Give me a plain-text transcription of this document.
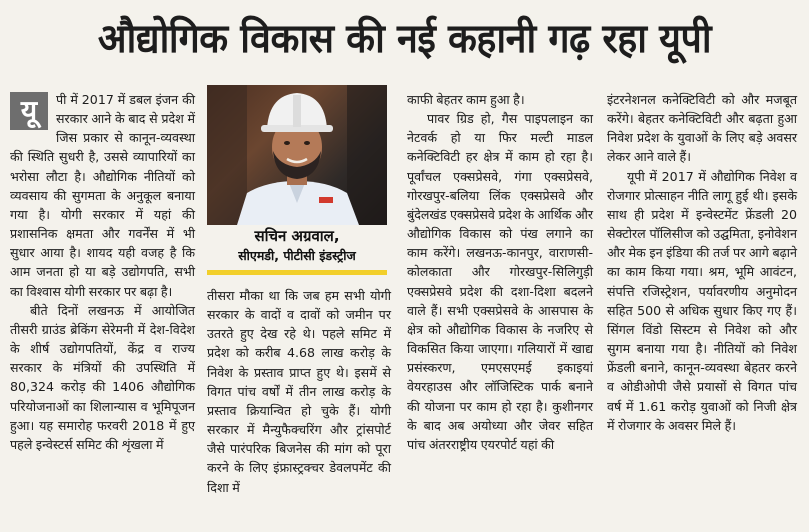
औद्योगिक विकास की नई कहानी गढ़ रहा यूपी

यू	पी में 2017 में डबल इंजन की सरकार आने के बाद से प्रदेश में जिस प्रकार से कानून-व्यवस्था की स्थिति सुधरी है, उससे व्यापारियों का भरोसा लौटा है। औद्योगिक नीतियों को व्यवसाय की सुगमता के अनुकूल बनाया गया है। योगी सरकार में यहां की प्रशासनिक क्षमता और गवर्नेंस में भी सुधार आया है। शायद यही वजह है कि आम जनता हो या बड़े उद्योगपति, सभी का विश्वास योगी सरकार पर बढ़ा है।

बीते दिनों लखनऊ में आयोजित तीसरी ग्राउंड ब्रेकिंग सेरेमनी में देश-विदेश के शीर्ष उद्योगपतियों, केंद्र व राज्य सरकार के मंत्रियों की उपस्थिति में 80,324 करोड़ की 1406 औद्योगिक परियोजनाओं का शिलान्यास व भूमिपूजन हुआ। यह समारोह फरवरी 2018 में हुए पहले इन्वेस्टर्स समिट की शृंखला में

सचिन अग्रवाल,
सीएमडी, पीटीसी इंडस्ट्रीज

तीसरा मौका था कि जब हम सभी योगी सरकार के वादों व दावों को जमीन पर उतरते हुए देख रहे थे। पहले समिट में प्रदेश को करीब 4.68 लाख करोड़ के निवेश के प्रस्ताव प्राप्त हुए थे। इसमें से विगत पांच वर्षों में तीन लाख करोड़ के प्रस्ताव क्रियान्वित हो चुके हैं। योगी सरकार में मैन्युफैक्चरिंग और ट्रांसपोर्ट जैसे पारंपरिक बिजनेस की मांग को पूरा करने के लिए इंफ्रास्ट्रक्चर डेवलपमेंट की दिशा में

काफी बेहतर काम हुआ है।

पावर ग्रिड हो, गैस पाइपलाइन का नेटवर्क हो या फिर मल्टी माडल कनेक्टिविटी हर क्षेत्र में काम हो रहा है। पूर्वांचल एक्सप्रेसवे, गंगा एक्सप्रेसवे, गोरखपुर-बलिया लिंक एक्सप्रेसवे और बुंदेलखंड एक्सप्रेसवे प्रदेश के आर्थिक और औद्योगिक विकास को पंख लगाने का काम करेंगे। लखनऊ-कानपुर, वाराणसी-कोलकाता और गोरखपुर-सिलिगुड़ी एक्सप्रेसवे प्रदेश की दशा-दिशा बदलने वाले हैं। सभी एक्सप्रेसवे के आसपास के क्षेत्र को औद्योगिक विकास के नजरिए से विकसित किया जाएगा। गलियारों में खाद्य प्रसंस्करण, एमएसएमई इकाइयां वेयरहाउस और लॉजिस्टिक पार्क बनाने की योजना पर काम हो रहा है। कुशीनगर के बाद अब अयोध्या और जेवर सहित पांच अंतरराष्ट्रीय एयरपोर्ट यहां की

इंटरनेशनल कनेक्टिविटी को और मजबूत करेंगे। बेहतर कनेक्टिविटी और बढ़ता हुआ निवेश प्रदेश के युवाओं के लिए बड़े अवसर लेकर आने वाले हैं।

यूपी में 2017 में औद्योगिक निवेश व रोजगार प्रोत्साहन नीति लागू हुई थी। इसके साथ ही प्रदेश में इन्वेस्टमेंट फ्रेंडली 20 सेक्टोरल पॉलिसीज को उद्घमिता, इनोवेशन और मेक इन इंडिया की तर्ज पर आगे बढ़ाने का काम किया गया। श्रम, भूमि आवंटन, संपत्ति रजिस्ट्रेशन, पर्यावरणीय अनुमोदन सहित 500 से अधिक सुधार किए गए हैं। सिंगल विंडो सिस्टम से निवेश को और सुगम बनाया गया है। नीतियों को निवेश फ्रेंडली बनाने, कानून-व्यवस्था बेहतर करने व ओडीओपी जैसे प्रयासों से विगत पांच वर्ष में 1.61 करोड़ युवाओं को निजी क्षेत्र में रोजगार के अवसर मिले हैं।
